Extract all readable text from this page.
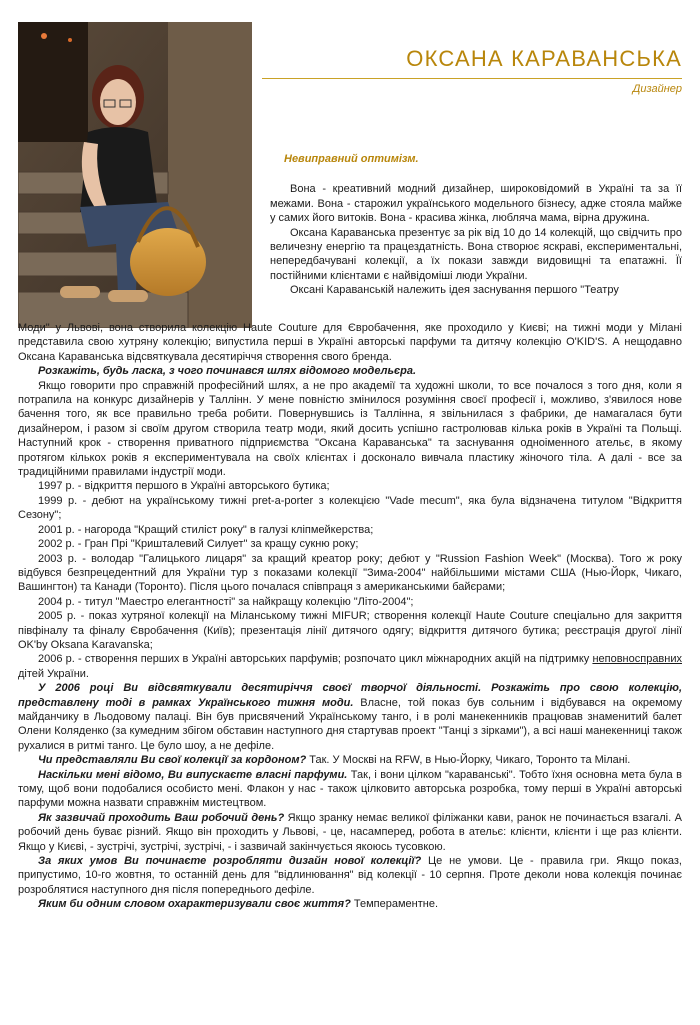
ОКСАНА КАРАВАНСЬКА
Дизайнер
Невиправний оптимізм.

Вона - креативний модний дизайнер, широковідомий в Україні та за її межами. Вона - старожил українського модельного бізнесу, адже стояла майже у самих його витоків. Вона - красива жінка, любляча мама, вірна дружина.

Оксана Караванська презентує за рік від 10 до 14 колекцій, що свідчить про величезну енергію та працездатність. Вона створює яскраві, експериментальні, непередбачувані колекції, а їх покази завжди видовищні та епатажні. Її постійними клієнтами є найвідоміші люди України.

Оксані Караванській належить ідея заснування першого "Театру

Моди" у Львові, вона створила колекцію Haute Couture для Євробачення, яке проходило у Києві; на тижні моди у Мілані представила свою хутряну колекцію; випустила перші в Україні авторські парфуми та дитячу колекцію O'KID'S. А нещодавно Оксана Караванська відсвяткувала десятиріччя створення свого бренда.

Розкажіть, будь ласка, з чого починався шлях відомого модельєра.

Якщо говорити про справжній професійний шлях, а не про академії та художні школи, то все почалося з того дня, коли я потрапила на конкурс дизайнерів у Таллінн. У мене повністю змінилося розуміння своєї професії і, можливо, з'явилося нове бачення того, як все правильно треба робити. Повернувшись із Таллінна, я звільнилася з фабрики, де намагалася бути дизайнером, і разом зі своїм другом створила театр моди, який досить успішно гастролював кілька років в Україні та Польщі. Наступний крок - створення приватного підприємства "Оксана Караванська" та заснування одноіменного ательє, в якому протягом кількох років я експериментувала на своїх клієнтах і досконало вивчала пластику жіночого тіла. А далі - все за традиційними правилами індустрії моди.

1997 р. - відкриття першого в Україні авторського бутика;

1999 р. - дебют на українському тижні pret-a-porter з колекцією "Vade mecum", яка була відзначена титулом "Відкриття Сезону";

2001 р. - нагорода "Кращий стиліст року" в галузі кліпмейкерства;

2002 р. - Гран Прі "Кришталевий Силует" за кращу сукню року;

2003 р. - володар "Галицького лицаря" за кращий креатор року; дебют у "Russion Fashion Week" (Москва). Того ж року відбувся безпрецедентний для України тур з показами колекції "Зима-2004" найбільшими містами США (Нью-Йорк, Чикаго, Вашингтон) та Канади (Торонто). Після цього почалася співпраця з американськими байєрами;

2004 р. - титул "Маестро елегантності" за найкращу колекцію "Літо-2004";

2005 р. - показ хутряної колекції на Міланському тижні MIFUR; створення колекції Haute Couture спеціально для закриття півфіналу та фіналу Євробачення (Київ); презентація лінії дитячого одягу; відкриття дитячого бутика; реєстрація другої лінії OK'by Oksana Karavanska;

2006 р. - створення перших в Україні авторських парфумів; розпочато цикл міжнародних акцій на підтримку неповносправних дітей України.

У 2006 році Ви відсвяткували десятиріччя своєї творчої діяльності. Розкажіть про свою колекцію, представлену тоді в рамках Українського тижня моди. Власне, той показ був сольним і відбувався на окремому майданчику в Льодовому палаці. Він був присвячений Українському танго, і в ролі манекенників працював знаменитий балет Олени Коляденко (за кумедним збігом обставин наступного дня стартував проект "Танці з зірками"), а всі наші манекенниці також рухалися в ритмі танго. Це було шоу, а не дефіле.

Чи представляли Ви свої колекції за кордоном? Так. У Москві на RFW, в Нью-Йорку, Чикаго, Торонто та Мілані.

Наскільки мені відомо, Ви випускаєте власні парфуми. Так, і вони цілком "караванські". Тобто їхня основна мета була в тому, щоб вони подобалися особисто мені. Флакон у нас - також цілковито авторська розробка, тому перші в Україні авторські парфуми можна назвати справжнім мистецтвом.

Як зазвичай проходить Ваш робочий день? Якщо зранку немає великої філіжанки кави, ранок не починається взагалі. А робочий день буває різний. Якщо він проходить у Львові, - це, насамперед, робота в ательє: клієнти, клієнти і ще раз клієнти. Якщо у Києві, - зустрічі, зустрічі, зустрічі, - і зазвичай закінчується якоюсь тусовкою.

За яких умов Ви починаєте розробляти дизайн нової колекції? Це не умови. Це - правила гри. Якщо показ, припустимо, 10-го жовтня, то останній день для "відлинювання" від колекції - 10 серпня. Проте деколи нова колекція починає розроблятися наступного дня після попереднього дефіле.

Яким би одним словом охарактеризували своє життя? Темпераментне.
